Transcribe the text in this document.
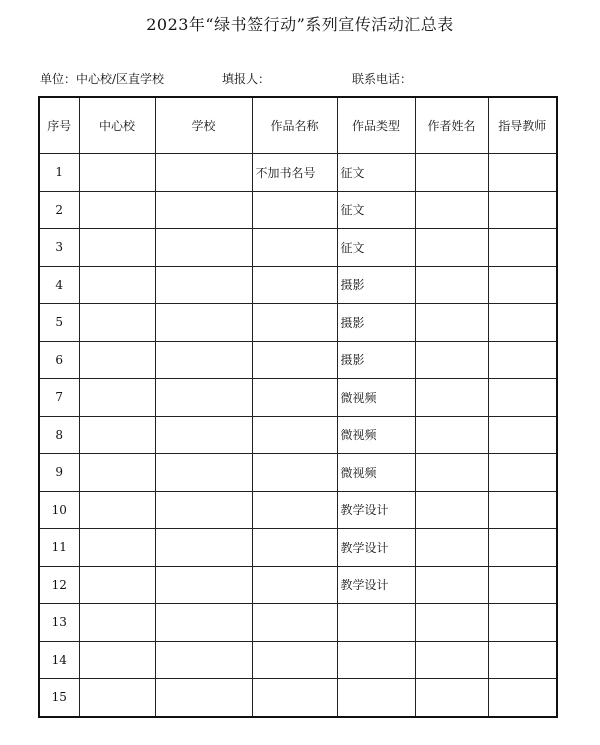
2023年“绿书签行动”系列宣传活动汇总表
单位：中心校/区直学校	填报人：	联系电话：
序号	中心校	学校	作品名称	作品类型	作者姓名	指导教师
1			不加书名号	征文		
2				征文		
3				征文		
4				摄影		
5				摄影		
6				摄影		
7				微视频		
8				微视频		
9				微视频		
10				教学设计		
11				教学设计		
12				教学设计		
13						
14						
15						
